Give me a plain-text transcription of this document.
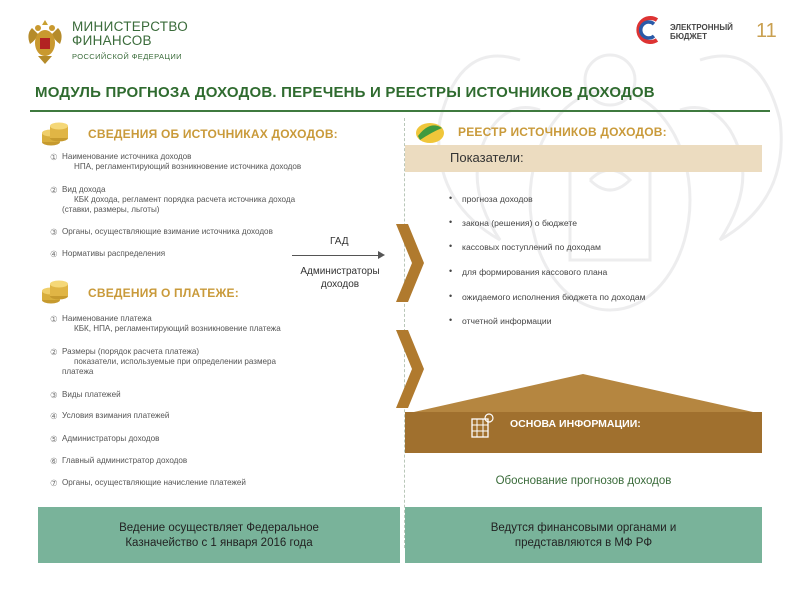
МИНИСТЕРСТВО
ФИНАНСОВ
РОССИЙСКОЙ ФЕДЕРАЦИИ
ЭЛЕКТРОННЫЙ
БЮДЖЕТ	11
МОДУЛЬ ПРОГНОЗА ДОХОДОВ. ПЕРЕЧЕНЬ И РЕЕСТРЫ ИСТОЧНИКОВ ДОХОДОВ
СВЕДЕНИЯ ОБ ИСТОЧНИКАХ ДОХОДОВ:
① Наименование источника доходов
НПА, регламентирующий возникновение источника доходов
② Вид дохода
КБК дохода, регламент порядка расчета источника дохода
(ставки, размеры, льготы)
③ Органы, осуществляющие взимание источника доходов
④ Нормативы распределения
СВЕДЕНИЯ О ПЛАТЕЖЕ:
① Наименование платежа
КБК, НПА, регламентирующий возникновение платежа
② Размеры (порядок расчета платежа)
показатели, используемые при определении размера
платежа
③ Виды платежей
④ Условия взимания платежей
⑤ Администраторы доходов
⑥ Главный администратор доходов
⑦ Органы, осуществляющие начисление платежей
ГАД
Администраторы
доходов
РЕЕСТР ИСТОЧНИКОВ ДОХОДОВ:
Показатели:
• прогноза доходов
• закона (решения) о бюджете
• кассовых поступлений по доходам
• для формирования кассового плана
• ожидаемого исполнения бюджета по доходам
• отчетной информации
ОСНОВА ИНФОРМАЦИИ:
Обоснование прогнозов доходов
Ведение осуществляет Федеральное
Казначейство с 1 января 2016 года
Ведутся финансовыми органами и
представляются в МФ РФ
